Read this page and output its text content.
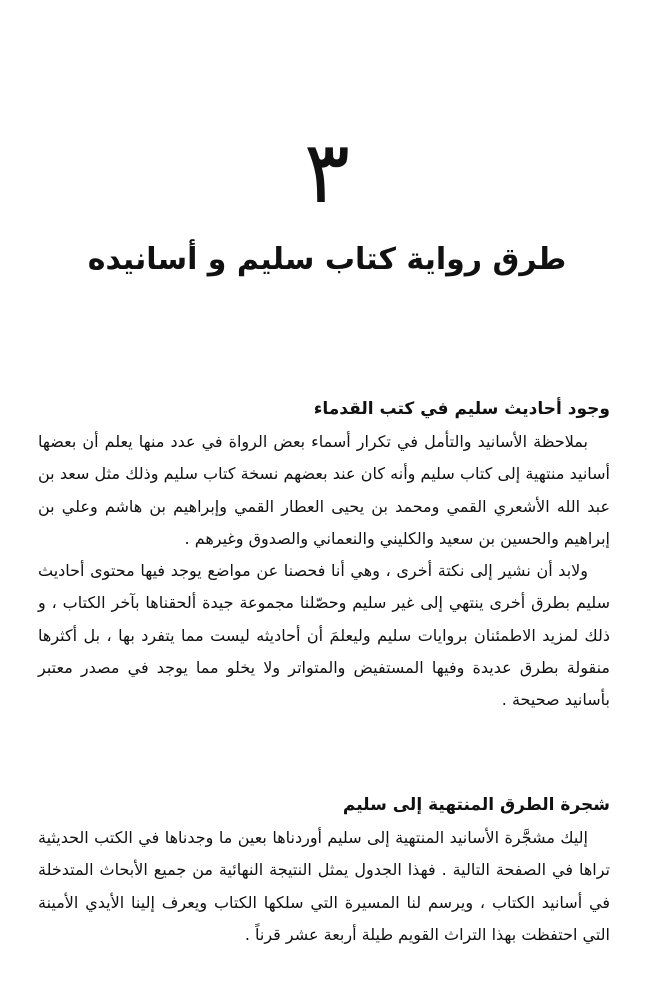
٣
طرق رواية كتاب سليم و أسانيده
وجود أحاديث سليم في كتب القدماء

بملاحظة الأسانيد والتأمل في تكرار أسماء بعض الرواة في عدد منها يعلم أن بعضها أسانيد منتهية إلى كتاب سليم وأنه كان عند بعضهم نسخة كتاب سليم وذلك مثل سعد بن عبد الله الأشعري القمي ومحمد بن يحيى العطار القمي وإبراهيم بن هاشم وعلي بن إبراهيم والحسين بن سعيد والكليني والنعماني والصدوق وغيرهم .

ولابد أن نشير إلى نكتة أخرى ، وهي أنا فحصنا عن مواضع يوجد فيها محتوى أحاديث سليم بطرق أخرى ينتهي إلى غير سليم وحصّلنا مجموعة جيدة ألحقناها بآخر الكتاب ، و ذلك لمزيد الاطمئنان بروايات سليم وليعلمَ أن أحاديثه ليست مما يتفرد بها ، بل أكثرها منقولة بطرق عديدة وفيها المستفيض والمتواتر ولا يخلو مما يوجد في مصدر معتبر بأسانيد صحيحة .

شجرة الطرق المنتهية إلى سليم

إليك مشجَّرة الأسانيد المنتهية إلى سليم أوردناها بعين ما وجدناها في الكتب الحديثية تراها في الصفحة التالية . فهذا الجدول يمثل النتيجة النهائية من جميع الأبحاث المتدخلة في أسانيد الكتاب ، ويرسم لنا المسيرة التي سلكها الكتاب ويعرف إلينا الأيدي الأمينة التي احتفظت بهذا التراث القويم طيلة أربعة عشر قرناً .
